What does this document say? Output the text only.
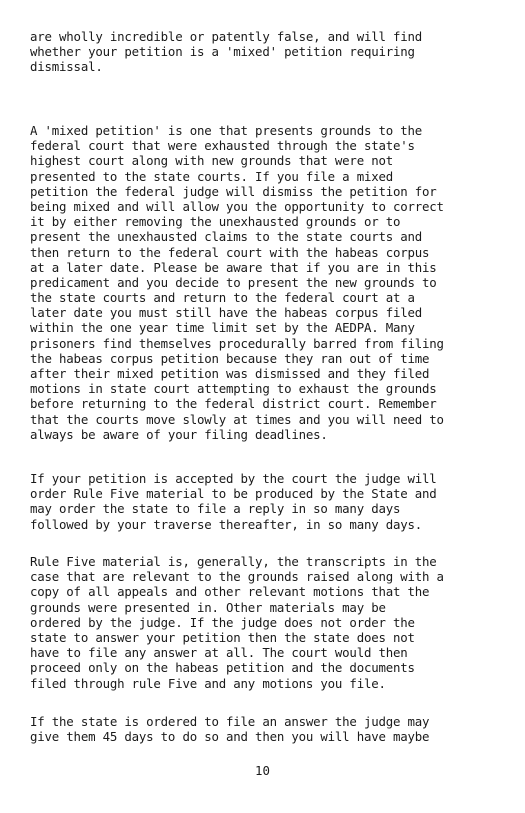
are wholly incredible or patently false, and will find
whether your petition is a 'mixed' petition requiring
dismissal.
A 'mixed petition' is one that presents grounds to the
federal court that were exhausted through the state's
highest court along with new grounds that were not
presented to the state courts. If you file a mixed
petition the federal judge will dismiss the petition for
being mixed and will allow you the opportunity to correct
it by either removing the unexhausted grounds or to
present the unexhausted claims to the state courts and
then return to the federal court with the habeas corpus
at a later date. Please be aware that if you are in this
predicament and you decide to present the new grounds to
the state courts and return to the federal court at a
later date you must still have the habeas corpus filed
within the one year time limit set by the AEDPA. Many
prisoners find themselves procedurally barred from filing
the habeas corpus petition because they ran out of time
after their mixed petition was dismissed and they filed
motions in state court attempting to exhaust the grounds
before returning to the federal district court. Remember
that the courts move slowly at times and you will need to
always be aware of your filing deadlines.
If your petition is accepted by the court the judge will
order Rule Five material to be produced by the State and
may order the state to file a reply in so many days
followed by your traverse thereafter, in so many days.
Rule Five material is, generally, the transcripts in the
case that are relevant to the grounds raised along with a
copy of all appeals and other relevant motions that the
grounds were presented in. Other materials may be
ordered by the judge. If the judge does not order the
state to answer your petition then the state does not
have to file any answer at all. The court would then
proceed only on the habeas petition and the documents
filed through rule Five and any motions you file.
If the state is ordered to file an answer the judge may
give them 45 days to do so and then you will have maybe
10
